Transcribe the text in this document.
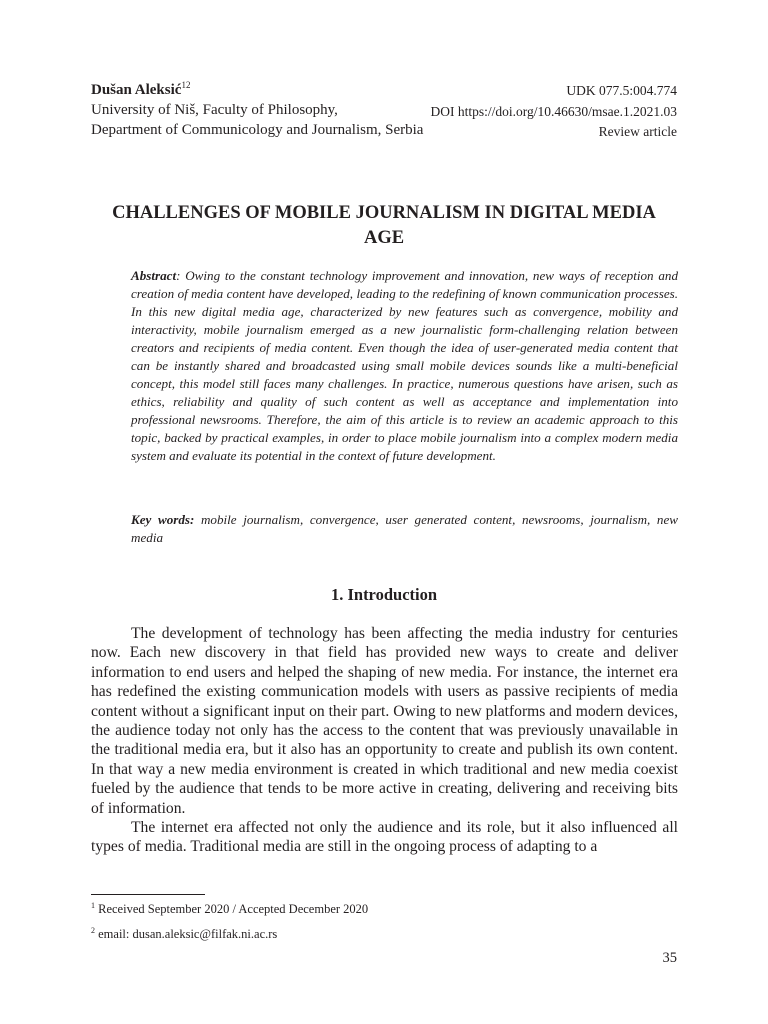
Dušan Aleksić$^{12}$
University of Niš, Faculty of Philosophy,
Department of Communicology and Journalism, Serbia
UDK 077.5:004.774
DOI https://doi.org/10.46630/msae.1.2021.03
Review article
CHALLENGES OF MOBILE JOURNALISM IN DIGITAL MEDIA AGE
Abstract: Owing to the constant technology improvement and innovation, new ways of reception and creation of media content have developed, leading to the redefining of known communication processes. In this new digital media age, characterized by new features such as convergence, mobility and interactivity, mobile journalism emerged as a new journalistic form-challenging relation between creators and recipients of media content. Even though the idea of user-generated media content that can be instantly shared and broadcasted using small mobile devices sounds like a multi-beneficial concept, this model still faces many challenges. In practice, numerous questions have arisen, such as ethics, reliability and quality of such content as well as acceptance and implementation into professional newsrooms. Therefore, the aim of this article is to review an academic approach to this topic, backed by practical examples, in order to place mobile journalism into a complex modern media system and evaluate its potential in the context of future development.
Key words: mobile journalism, convergence, user generated content, newsrooms, journalism, new media
1. Introduction

The development of technology has been affecting the media industry for centuries now. Each new discovery in that field has provided new ways to create and deliver information to end users and helped the shaping of new media. For instance, the internet era has redefined the existing communication models with users as passive recipients of media content without a significant input on their part. Owing to new platforms and modern devices, the audience today not only has the access to the content that was previously unavailable in the traditional media era, but it also has an opportunity to create and publish its own content. In that way a new media environment is created in which traditional and new media coexist fueled by the audience that tends to be more active in creating, delivering and receiving bits of information.

The internet era affected not only the audience and its role, but it also influenced all types of media. Traditional media are still in the ongoing process of adapting to a

$^1$ Received September 2020 / Accepted December 2020
$^2$ email: dusan.aleksic@filfak.ni.ac.rs
35
